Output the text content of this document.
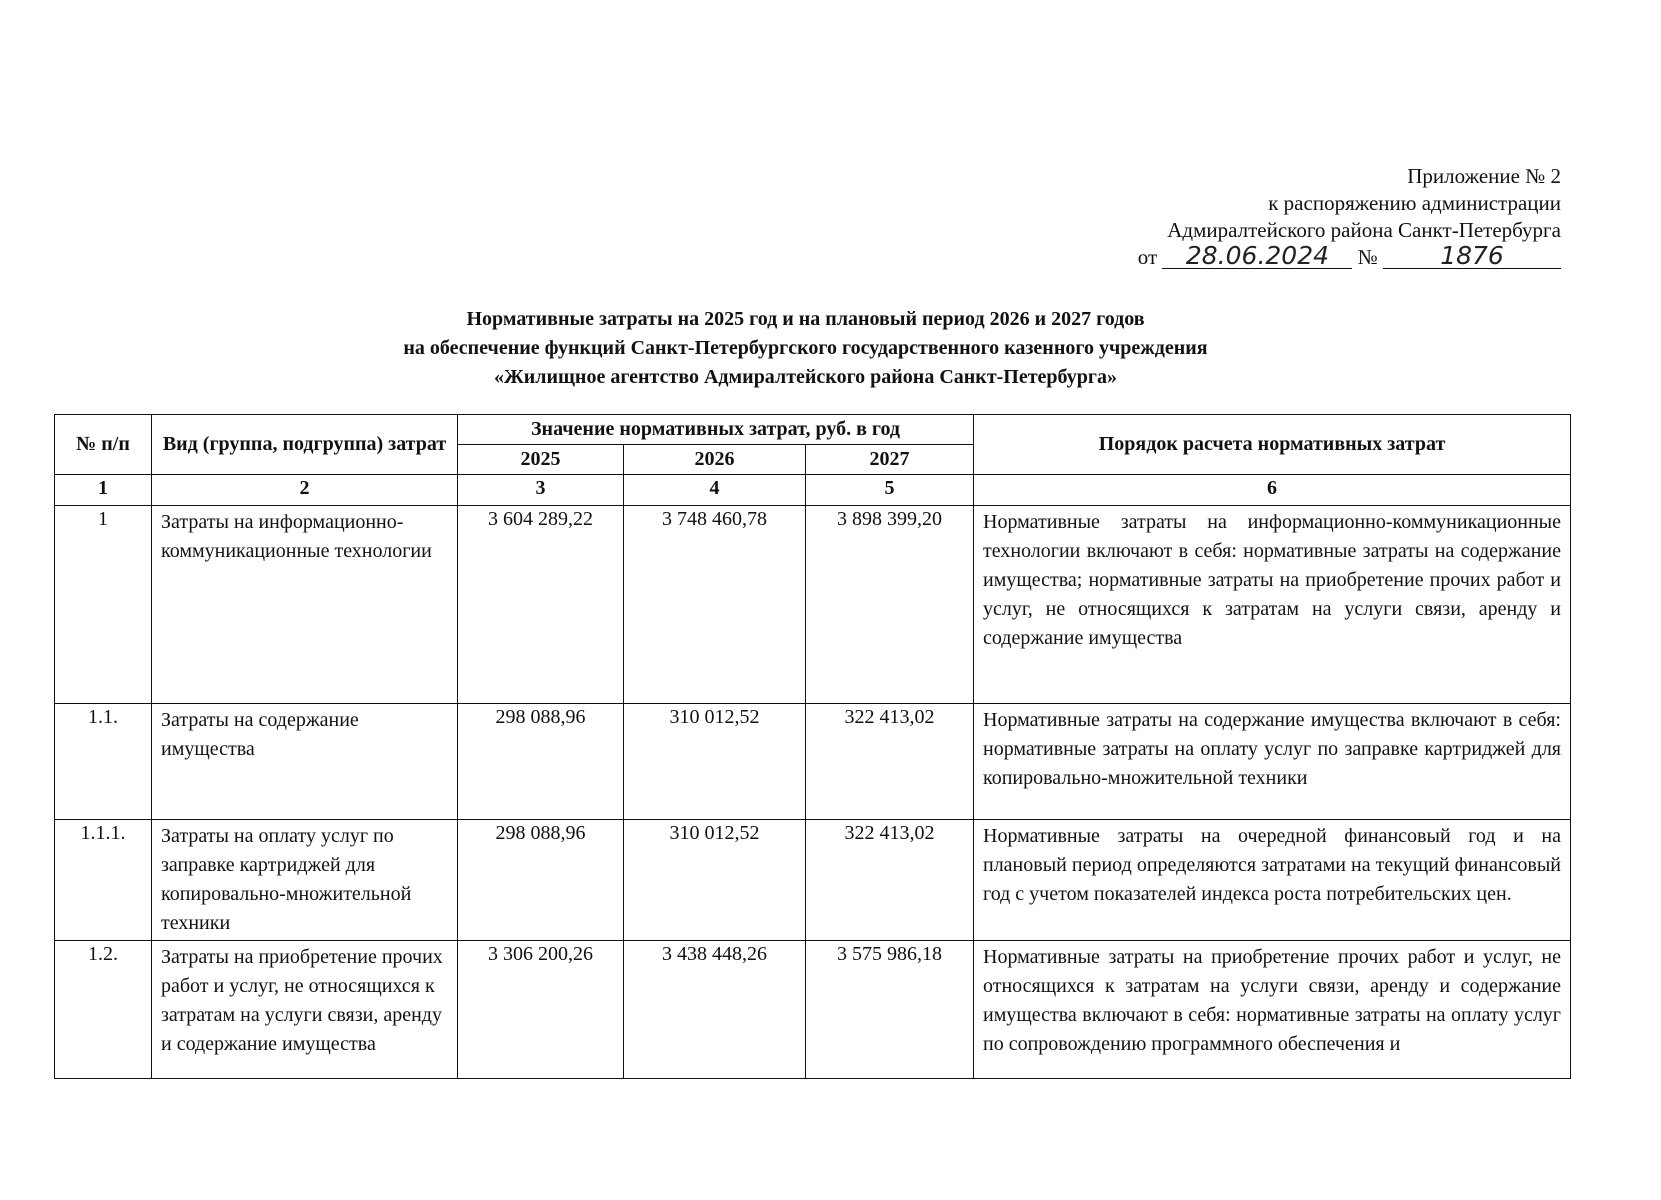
Приложение № 2
к распоряжению администрации
Адмиралтейского района Санкт-Петербурга
от 28.06.2024 № 1876
Нормативные затраты на 2025 год и на плановый период 2026 и 2027 годов
на обеспечение функций Санкт-Петербургского государственного казенного учреждения
«Жилищное агентство Адмиралтейского района Санкт-Петербурга»
№ п/п	Вид (группа, подгруппа) затрат	Значение нормативных затрат, руб. в год			Порядок расчета нормативных затрат
		2025	2026	2027	
1	2	3	4	5	6
1	Затраты на информационно-коммуникационные технологии	3 604 289,22	3 748 460,78	3 898 399,20	Нормативные затраты на информационно-коммуникационные технологии включают в себя: нормативные затраты на содержание имущества; нормативные затраты на приобретение прочих работ и услуг, не относящихся к затратам на услуги связи, аренду и содержание имущества
1.1.	Затраты на содержание имущества	298 088,96	310 012,52	322 413,02	Нормативные затраты на содержание имущества включают в себя: нормативные затраты на оплату услуг по заправке картриджей для копировально-множительной техники
1.1.1.	Затраты на оплату услуг по заправке картриджей для копировально-множительной техники	298 088,96	310 012,52	322 413,02	Нормативные затраты на очередной финансовый год и на плановый период определяются затратами на текущий финансовый год с учетом показателей индекса роста потребительских цен.
1.2.	Затраты на приобретение прочих работ и услуг, не относящихся к затратам на услуги связи, аренду и содержание имущества	3 306 200,26	3 438 448,26	3 575 986,18	Нормативные затраты на приобретение прочих работ и услуг, не относящихся к затратам на услуги связи, аренду и содержание имущества включают в себя: нормативные затраты на оплату услуг по сопровождению программного обеспечения и
